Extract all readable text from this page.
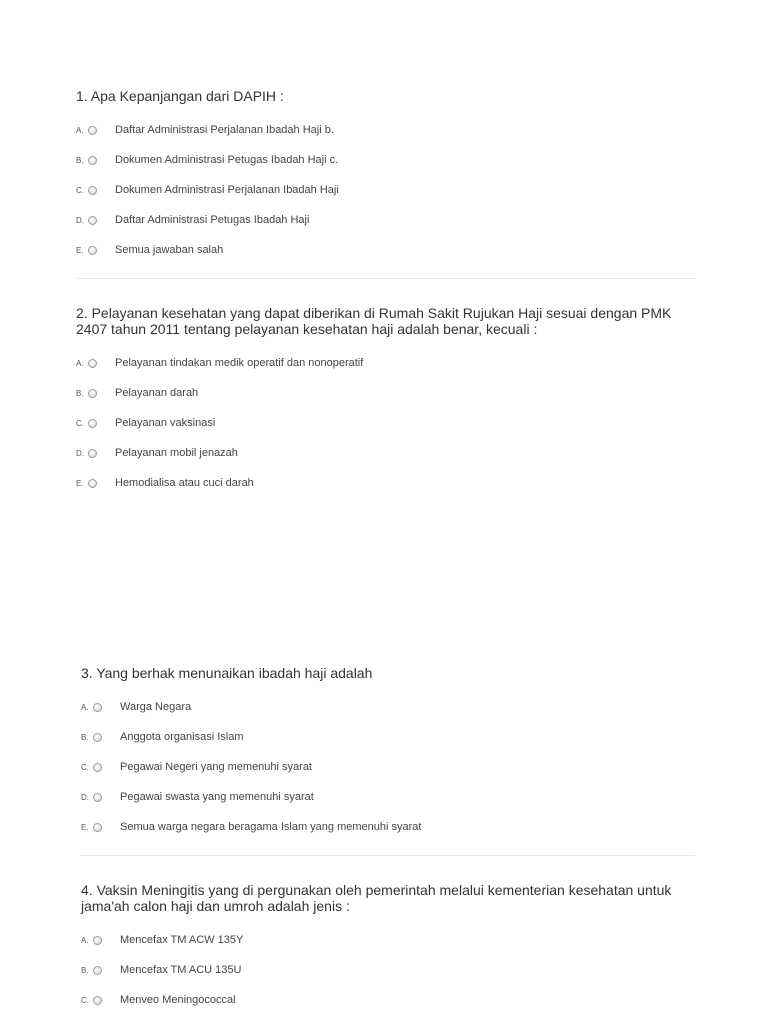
1. Apa Kepanjangan dari DAPIH :
A.	Daftar Administrasi Perjalanan Ibadah Haji b.
B.	Dokumen Administrasi Petugas Ibadah Haji c.
C.	Dokumen Administrasi Perjalanan Ibadah Haji
D.	Daftar Administrasi Petugas Ibadah Haji
E.	Semua jawaban salah
2. Pelayanan kesehatan yang dapat diberikan di Rumah Sakit Rujukan Haji sesuai dengan PMK 2407 tahun 2011 tentang pelayanan kesehatan haji adalah benar, kecuali :
A.	Pelayanan tindakan medik operatif dan nonoperatif
B.	Pelayanan darah
C.	Pelayanan vaksinasi
D.	Pelayanan mobil jenazah
E.	Hemodialisa atau cuci darah
3. Yang berhak menunaikan ibadah haji adalah
A.	Warga Negara
B.	Anggota organisasi Islam
C.	Pegawai Negeri yang memenuhi syarat
D.	Pegawai swasta yang memenuhi syarat
E.	Semua warga negara beragama Islam yang memenuhi syarat
4. Vaksin Meningitis yang di pergunakan oleh pemerintah melalui kementerian kesehatan untuk jama'ah calon haji dan umroh adalah jenis :
A.	Mencefax TM ACW 135Y
B.	Mencefax TM ACU 135U
C.	Menveo Meningococcal
